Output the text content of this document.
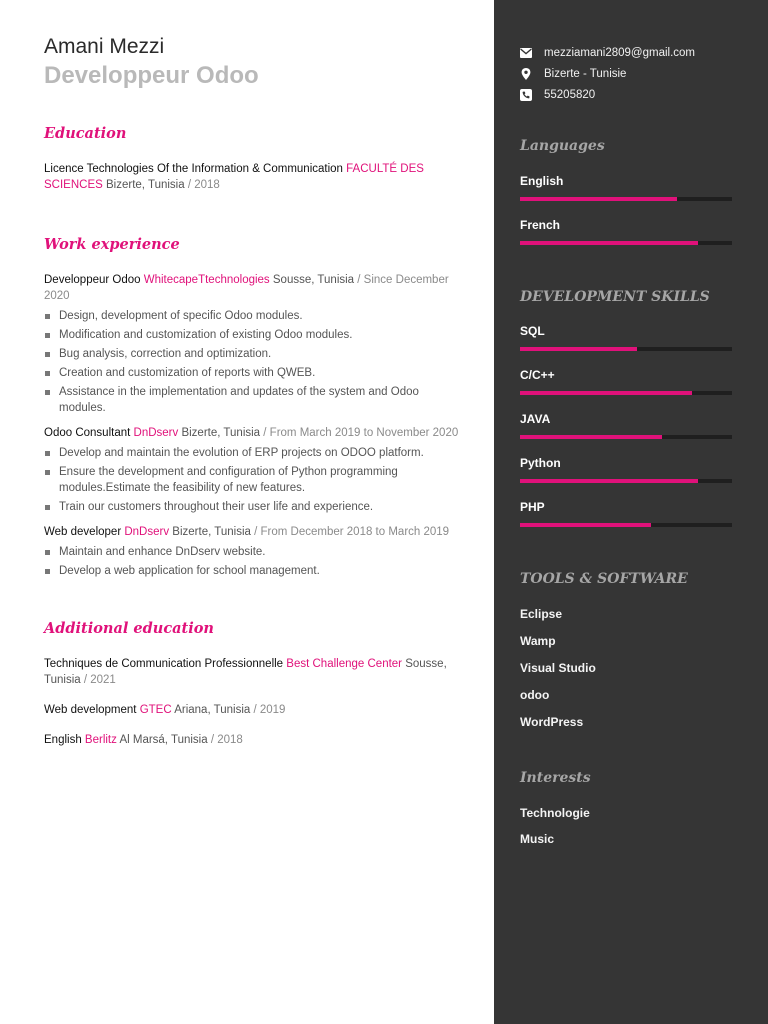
Amani Mezzi
Developpeur Odoo
Education
Licence Technologies Of the Information & Communication FACULTÉ DES SCIENCES Bizerte, Tunisia / 2018
Work experience
Developpeur Odoo WhitecapeTtechnologies Sousse, Tunisia / Since December 2020
Design, development of specific Odoo modules.
Modification and customization of existing Odoo modules.
Bug analysis, correction and optimization.
Creation and customization of reports with QWEB.
Assistance in the implementation and updates of the system and Odoo modules.
Odoo Consultant DnDserv Bizerte, Tunisia / From March 2019 to November 2020
Develop and maintain the evolution of ERP projects on ODOO platform.
Ensure the development and configuration of Python programming modules.Estimate the feasibility of new features.
Train our customers throughout their user life and experience.
Web developer DnDserv Bizerte, Tunisia / From December 2018 to March 2019
Maintain and enhance DnDserv website.
Develop a web application for school management.
Additional education
Techniques de Communication Professionnelle Best Challenge Center Sousse, Tunisia / 2021
Web development GTEC Ariana, Tunisia / 2019
English Berlitz Al Marsá, Tunisia / 2018
mezziamani2809@gmail.com
Bizerte - Tunisie
55205820
Languages
English
French
DEVELOPMENT SKILLS
SQL
C/C++
JAVA
Python
PHP
TOOLS & SOFTWARE
Eclipse
Wamp
Visual Studio
odoo
WordPress
Interests
Technologie
Music
